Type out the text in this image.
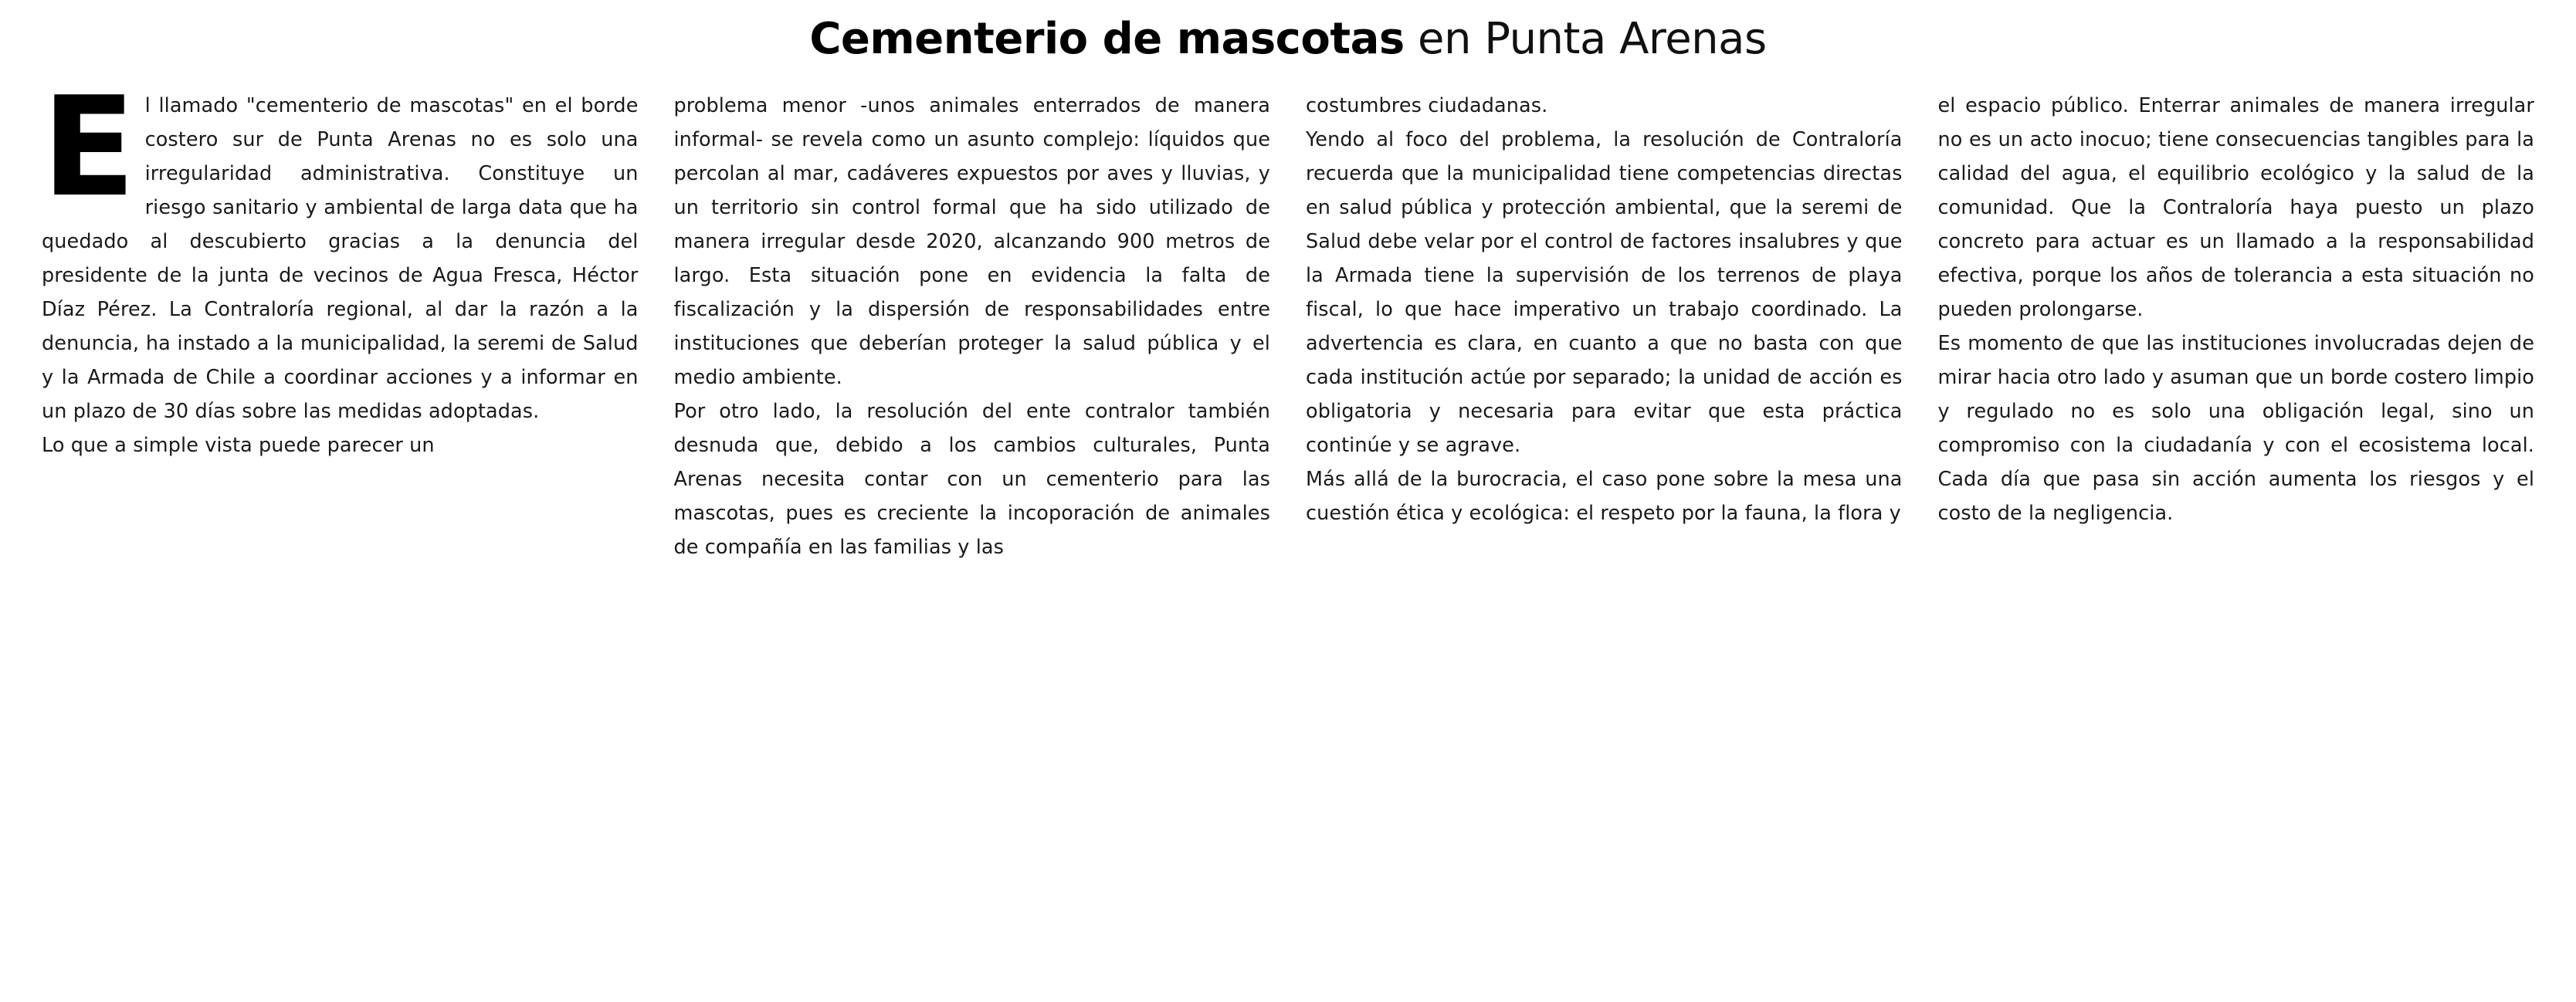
Cementerio de mascotas en Punta Arenas
E l llamado "cementerio de mascotas" en el borde costero sur de Punta Arenas no es solo una irregularidad administrativa. Constituye un riesgo sanitario y ambiental de larga data que ha quedado al descubierto gracias a la denuncia del presidente de la junta de vecinos de Agua Fresca, Héctor Díaz Pérez. La Contraloría regional, al dar la razón a la denuncia, ha instado a la municipalidad, la seremi de Salud y la Armada de Chile a coordinar acciones y a informar en un plazo de 30 días sobre las medidas adoptadas.

Lo que a simple vista puede parecer un

problema menor -unos animales enterrados de manera informal- se revela como un asunto complejo: líquidos que percolan al mar, cadáveres expuestos por aves y lluvias, y un territorio sin control formal que ha sido utilizado de manera irregular desde 2020, alcanzando 900 metros de largo. Esta situación pone en evidencia la falta de fiscalización y la dispersión de responsabilidades entre instituciones que deberían proteger la salud pública y el medio ambiente.

Por otro lado, la resolución del ente contralor también desnuda que, debido a los cambios culturales, Punta Arenas necesita contar con un cementerio para las mascotas, pues es creciente la incoporación de animales de compañía en las familias y las

costumbres ciudadanas.

Yendo al foco del problema, la resolución de Contraloría recuerda que la municipalidad tiene competencias directas en salud pública y protección ambiental, que la seremi de Salud debe velar por el control de factores insalubres y que la Armada tiene la supervisión de los terrenos de playa fiscal, lo que hace imperativo un trabajo coordinado. La advertencia es clara, en cuanto a que no basta con que cada institución actúe por separado; la unidad de acción es obligatoria y necesaria para evitar que esta práctica continúe y se agrave.

Más allá de la burocracia, el caso pone sobre la mesa una cuestión ética y ecológica: el respeto por la fauna, la flora y

el espacio público. Enterrar animales de manera irregular no es un acto inocuo; tiene consecuencias tangibles para la calidad del agua, el equilibrio ecológico y la salud de la comunidad. Que la Contraloría haya puesto un plazo concreto para actuar es un llamado a la responsabilidad efectiva, porque los años de tolerancia a esta situación no pueden prolongarse.

Es momento de que las instituciones involucradas dejen de mirar hacia otro lado y asuman que un borde costero limpio y regulado no es solo una obligación legal, sino un compromiso con la ciudadanía y con el ecosistema local. Cada día que pasa sin acción aumenta los riesgos y el costo de la negligencia.
